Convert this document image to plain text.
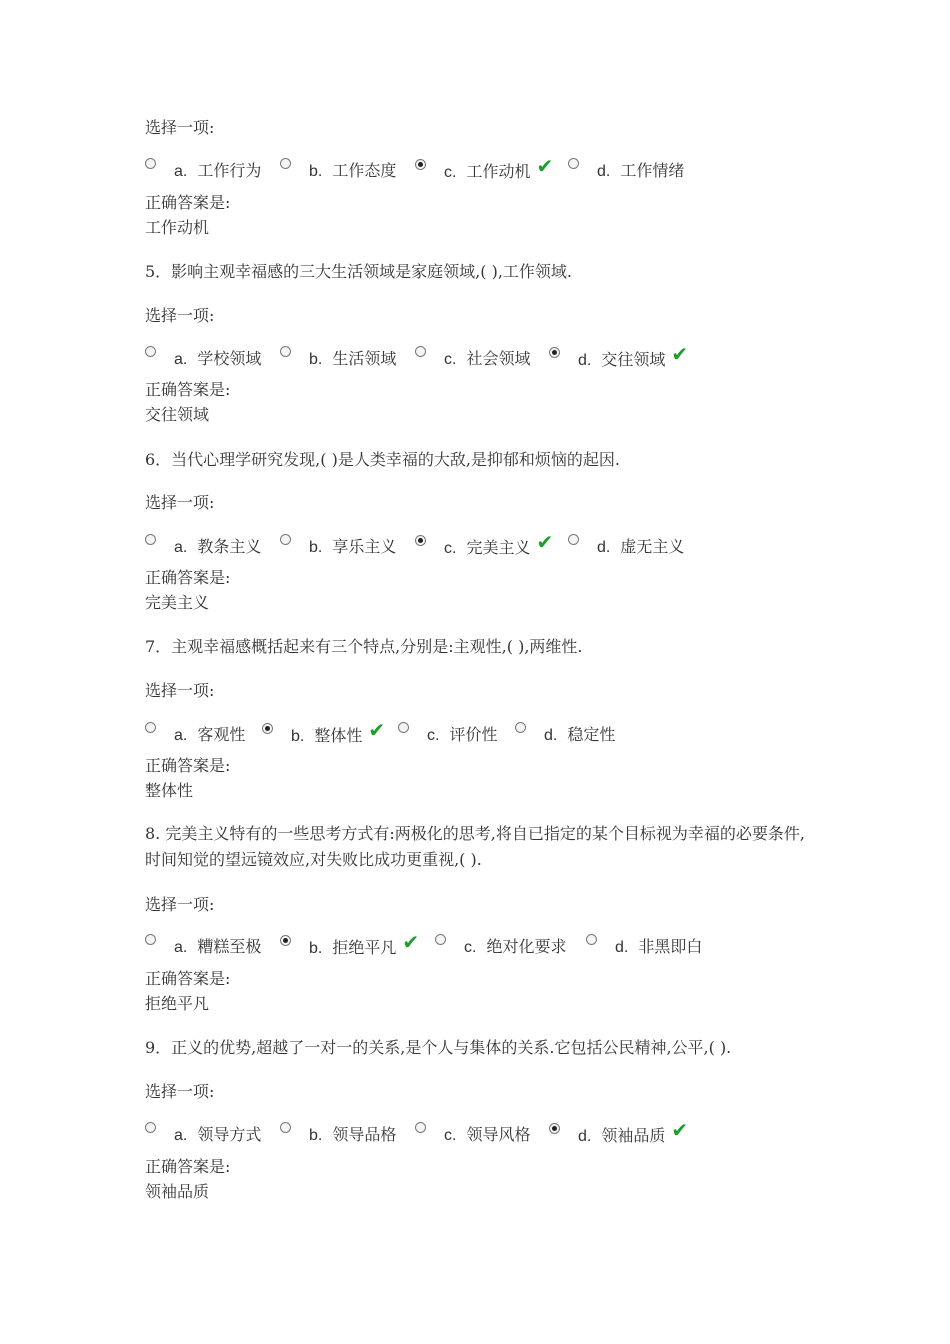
选择一项:
a. 工作行为	b. 工作态度	c. 工作动机 ✔	d. 工作情绪
正确答案是:
工作动机
5．影响主观幸福感的三大生活领域是家庭领域,( ),工作领域.
选择一项:
a. 学校领域	b. 生活领域	c. 社会领域	d. 交往领域 ✔
正确答案是:
交往领域
6．当代心理学研究发现,( )是人类幸福的大敌,是抑郁和烦恼的起因.
选择一项:
a. 教条主义	b. 享乐主义	c. 完美主义 ✔	d. 虚无主义
正确答案是:
完美主义
7．主观幸福感概括起来有三个特点,分别是:主观性,( ),两维性.
选择一项:
a. 客观性	b. 整体性 ✔	c. 评价性	d. 稳定性
正确答案是:
整体性
8. 完美主义特有的一些思考方式有:两极化的思考,将自已指定的某个目标视为幸福的必要条件,时间知觉的望远镜效应,对失败比成功更重视,( ).
选择一项:
a. 糟糕至极	b. 拒绝平凡 ✔	c. 绝对化要求	d. 非黑即白
正确答案是:
拒绝平凡
9．正义的优势,超越了一对一的关系,是个人与集体的关系.它包括公民精神,公平,( ).
选择一项:
a. 领导方式	b. 领导品格	c. 领导风格	d. 领袖品质 ✔
正确答案是:
领袖品质
